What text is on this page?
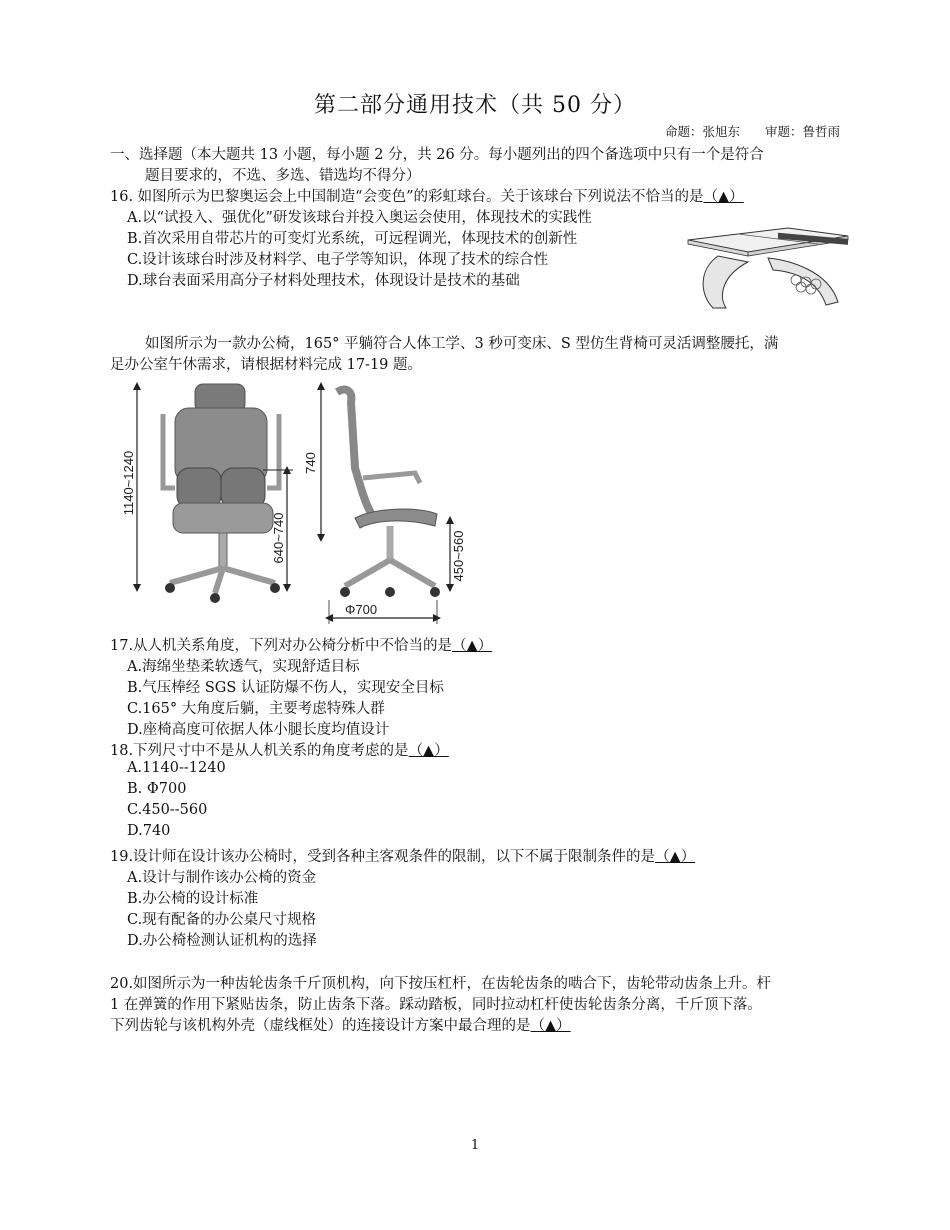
第二部分通用技术（共 50 分）
命题：张旭东　　审题：鲁哲雨
一、选择题（本大题共 13 小题，每小题 2 分，共 26 分。每小题列出的四个备选项中只有一个是符合
题目要求的，不选、多选、错选均不得分）
16. 如图所示为巴黎奥运会上中国制造“会变色”的彩虹球台。关于该球台下列说法不恰当的是（▲）
A.以“试投入、强优化”研发该球台并投入奥运会使用，体现技术的实践性
B.首次采用自带芯片的可变灯光系统，可远程调光，体现技术的创新性
C.设计该球台时涉及材料学、电子学等知识，体现了技术的综合性
D.球台表面采用高分子材料处理技术，体现设计是技术的基础
如图所示为一款办公椅，165° 平躺符合人体工学、3 秒可变床、S 型仿生背椅可灵活调整腰托，满
足办公室午休需求，请根据材料完成 17-19 题。
1140~1240
640~740
740
450~560
Φ700
17.从人机关系角度，下列对办公椅分析中不恰当的是（▲）
A.海绵坐垫柔软透气，实现舒适目标
B.气压棒经 SGS 认证防爆不伤人，实现安全目标
C.165° 大角度后躺，主要考虑特殊人群
D.座椅高度可依据人体小腿长度均值设计
18.下列尺寸中不是从人机关系的角度考虑的是（▲）
A.1140--1240
B. Φ700
C.450--560
D.740
19.设计师在设计该办公椅时，受到各种主客观条件的限制，以下不属于限制条件的是（▲）
A.设计与制作该办公椅的资金
B.办公椅的设计标准
C.现有配备的办公桌尺寸规格
D.办公椅检测认证机构的选择
20.如图所示为一种齿轮齿条千斤顶机构，向下按压杠杆，在齿轮齿条的啮合下，齿轮带动齿条上升。杆
1 在弹簧的作用下紧贴齿条，防止齿条下落。踩动踏板，同时拉动杠杆使齿轮齿条分离，千斤顶下落。
下列齿轮与该机构外壳（虚线框处）的连接设计方案中最合理的是（▲）
1
